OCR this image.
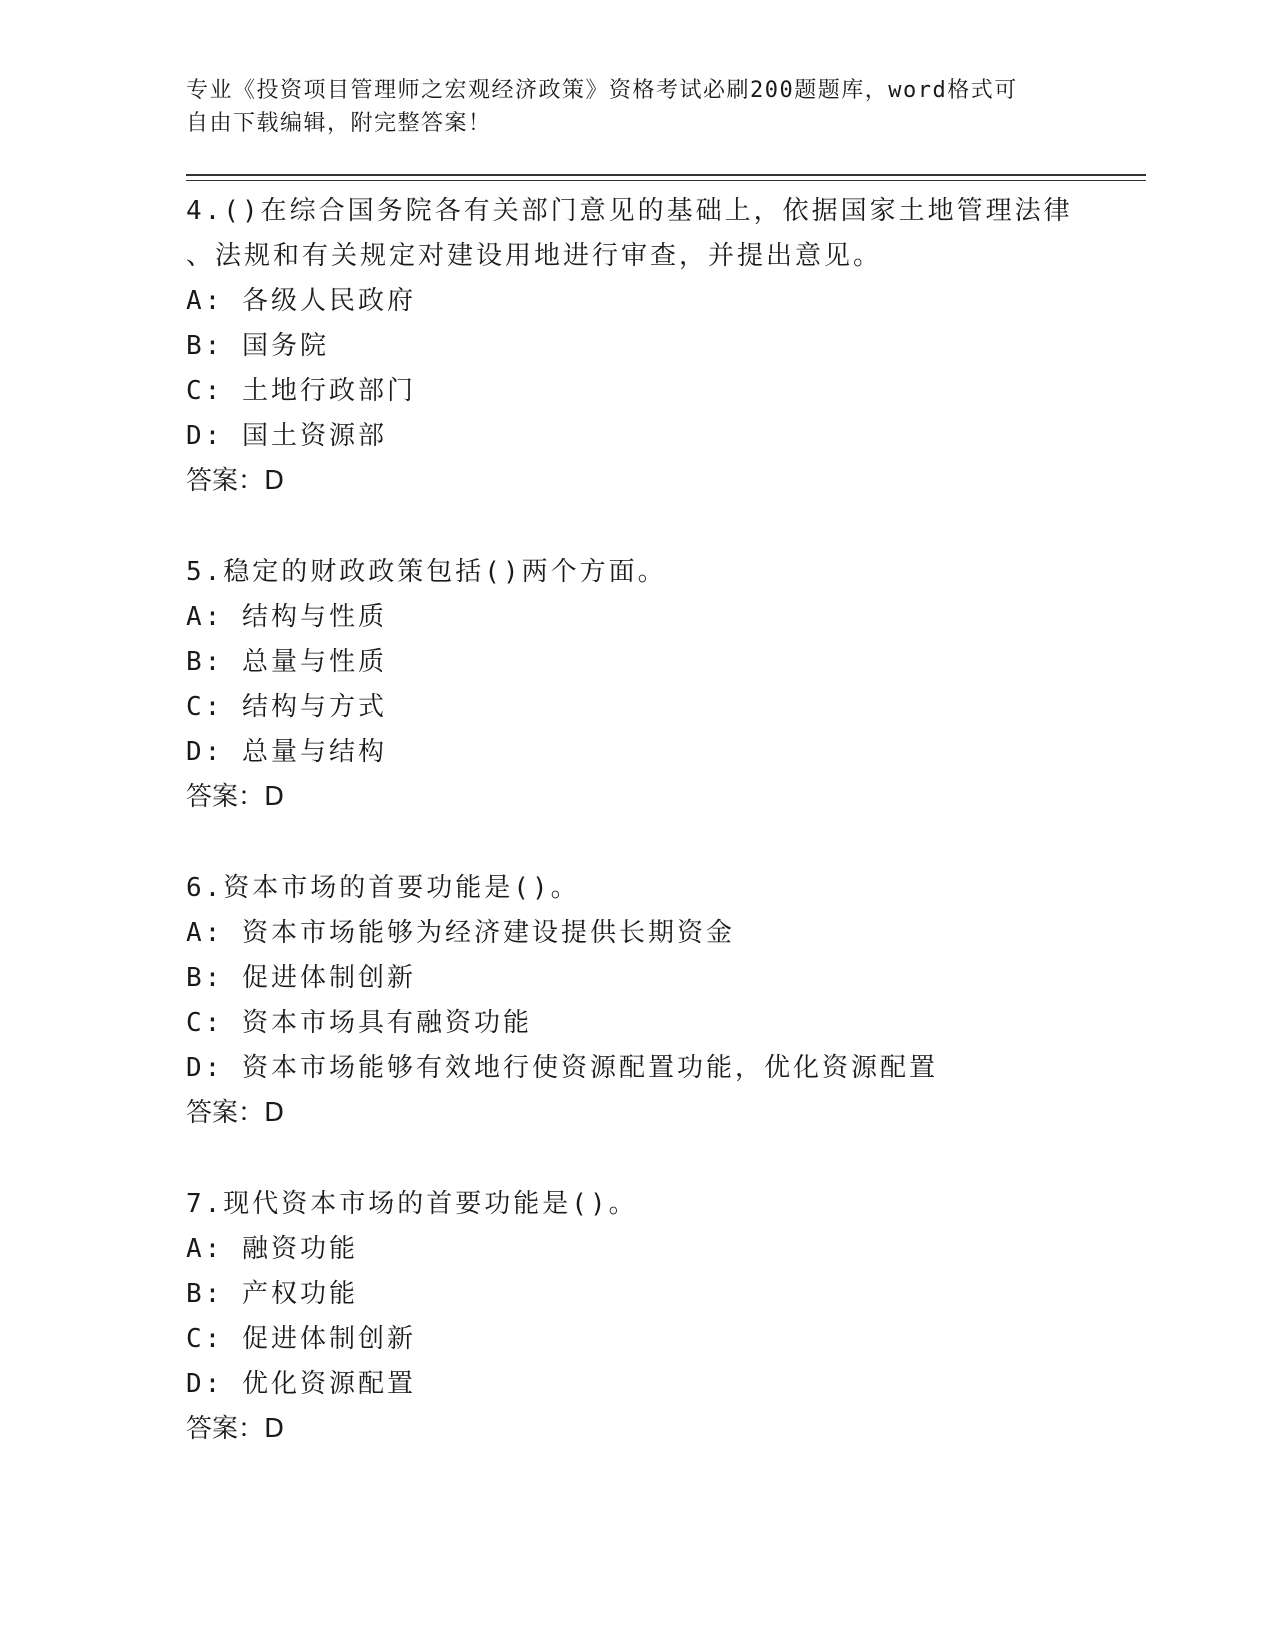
专业《投资项目管理师之宏观经济政策》资格考试必刷200题题库，word格式可

自由下载编辑，附完整答案！

4.()在综合国务院各有关部门意见的基础上，依据国家土地管理法律

、法规和有关规定对建设用地进行审查，并提出意见。

A: 各级人民政府

B: 国务院

C: 土地行政部门

D: 国土资源部

答案：D

5.稳定的财政政策包括()两个方面。

A: 结构与性质

B: 总量与性质

C: 结构与方式

D: 总量与结构

答案：D

6.资本市场的首要功能是()。

A: 资本市场能够为经济建设提供长期资金

B: 促进体制创新

C: 资本市场具有融资功能

D: 资本市场能够有效地行使资源配置功能，优化资源配置

答案：D

7.现代资本市场的首要功能是()。

A: 融资功能

B: 产权功能

C: 促进体制创新

D: 优化资源配置

答案：D
